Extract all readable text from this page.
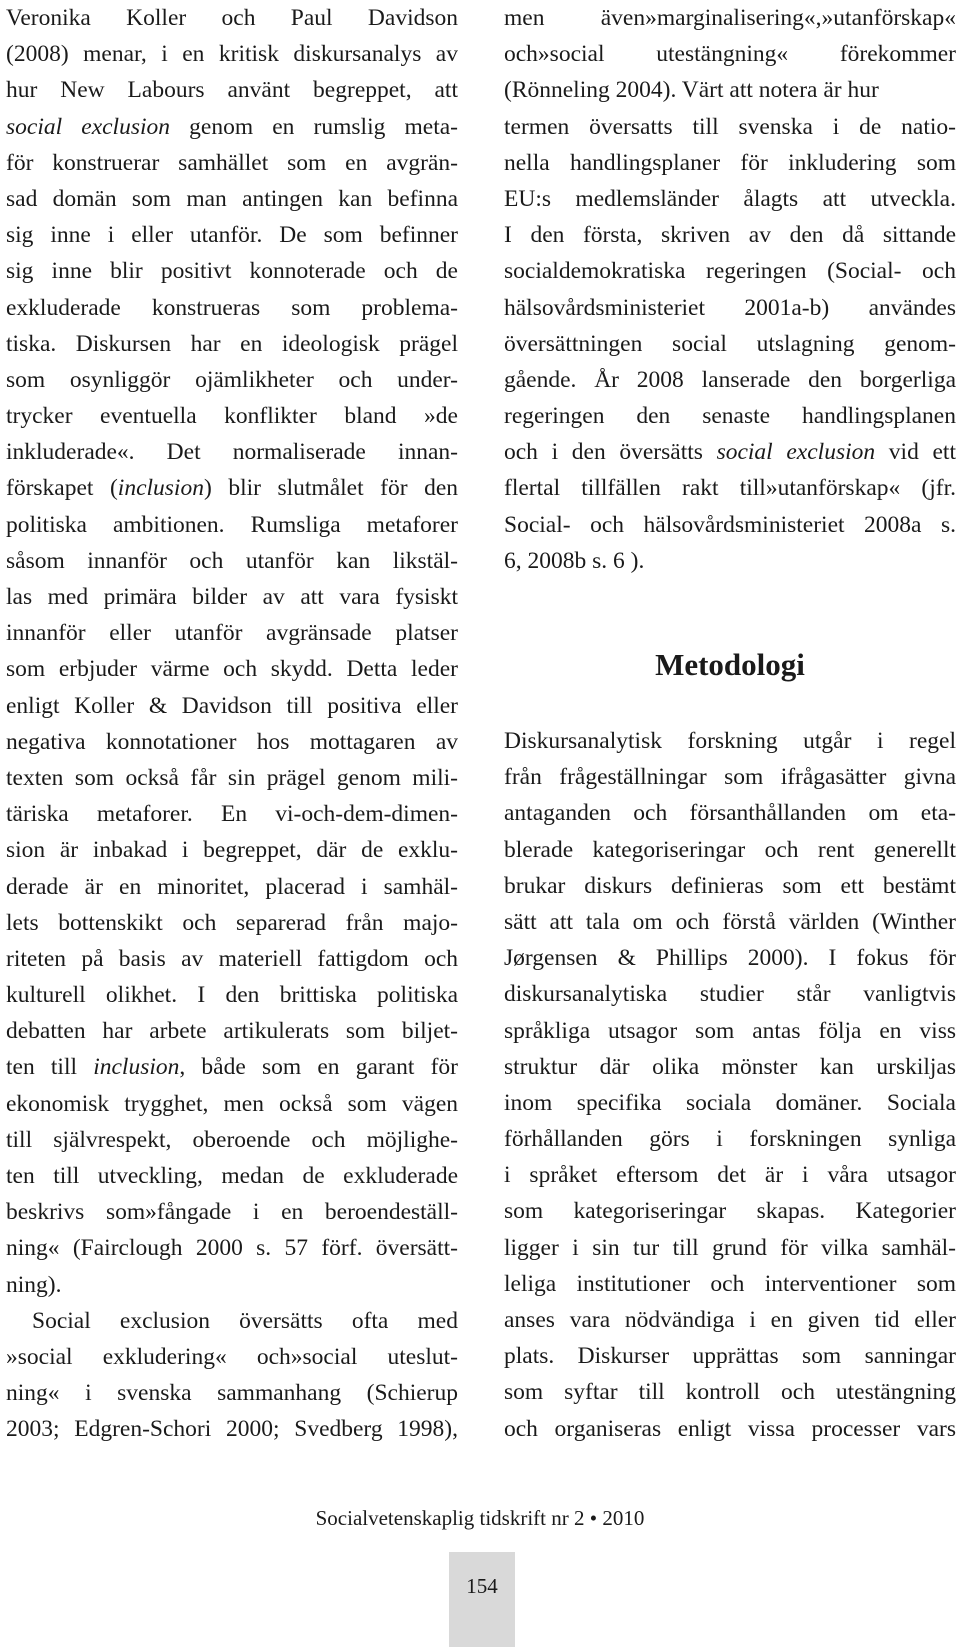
Veronika Koller och Paul Davidson
(2008) menar, i en kritisk diskursanalys av
hur New Labours använt begreppet, att
social exclusion genom en rumslig meta-
för konstruerar samhället som en avgrän-
sad domän som man antingen kan befinna
sig inne i eller utanför. De som befinner
sig inne blir positivt konnoterade och de
exkluderade konstrueras som problema-
tiska. Diskursen har en ideologisk prägel
som osynliggör ojämlikheter och under-
trycker eventuella konflikter bland »de
inkluderade«. Det normaliserade innan-
förskapet (inclusion) blir slutmålet för den
politiska ambitionen. Rumsliga metaforer
såsom innanför och utanför kan likstäl-
las med primära bilder av att vara fysiskt
innanför eller utanför avgränsade platser
som erbjuder värme och skydd. Detta leder
enligt Koller & Davidson till positiva eller
negativa konnotationer hos mottagaren av
texten som också får sin prägel genom mili-
täriska metaforer. En vi-och-dem-dimen-
sion är inbakad i begreppet, där de exklu-
derade är en minoritet, placerad i samhäl-
lets bottenskikt och separerad från majo-
riteten på basis av materiell fattigdom och
kulturell olikhet. I den brittiska politiska
debatten har arbete artikulerats som biljet-
ten till inclusion, både som en garant för
ekonomisk trygghet, men också som vägen
till självrespekt, oberoende och möjlighe-
ten till utveckling, medan de exkluderade
beskrivs som»fångade i en beroendeställ-
ning« (Fairclough 2000 s. 57 förf. översätt-
ning).
Social exclusion översätts ofta med
»social exkludering« och»social uteslut-
ning« i svenska sammanhang (Schierup
2003; Edgren-Schori 2000; Svedberg 1998),
men även»marginalisering«,»utanförskap«
och»social utestängning« förekommer
(Rönneling 2004). Värt att notera är hur
termen översatts till svenska i de natio-
nella handlingsplaner för inkludering som
EU:s medlemsländer ålagts att utveckla.
I den första, skriven av den då sittande
socialdemokratiska regeringen (Social- och
hälsovårdsministeriet 2001a-b) användes
översättningen social utslagning genom-
gående. År 2008 lanserade den borgerliga
regeringen den senaste handlingsplanen
och i den översätts social exclusion vid ett
flertal tillfällen rakt till»utanförskap« (jfr.
Social- och hälsovårdsministeriet 2008a s.
6, 2008b s. 6 ).
Metodologi
Diskursanalytisk forskning utgår i regel
från frågeställningar som ifrågasätter givna
antaganden och försanthållanden om eta-
blerade kategoriseringar och rent generellt
brukar diskurs definieras som ett bestämt
sätt att tala om och förstå världen (Winther
Jørgensen & Phillips 2000). I fokus för
diskursanalytiska studier står vanligtvis
språkliga utsagor som antas följa en viss
struktur där olika mönster kan urskiljas
inom specifika sociala domäner. Sociala
förhållanden görs i forskningen synliga
i språket eftersom det är i våra utsagor
som kategoriseringar skapas. Kategorier
ligger i sin tur till grund för vilka samhäl-
leliga institutioner och interventioner som
anses vara nödvändiga i en given tid eller
plats. Diskurser upprättas som sanningar
som syftar till kontroll och utestängning
och organiseras enligt vissa processer vars
Socialvetenskaplig tidskrift nr 2 • 2010
154
